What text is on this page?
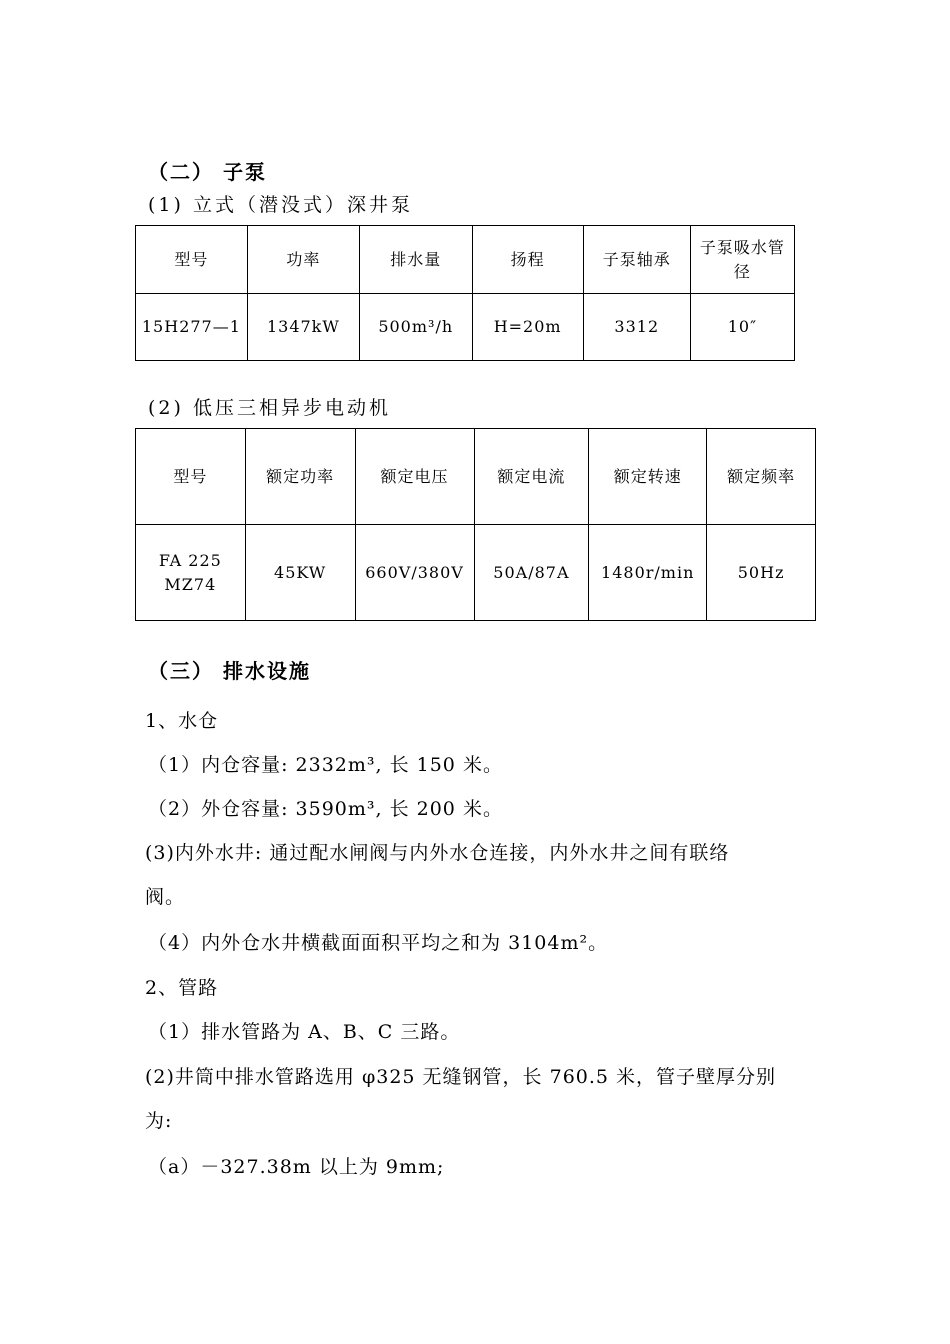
（二） 子泵
(1) 立式（潜没式）深井泵
型号	功率	排水量	扬程	子泵轴承	子泵吸水管径
15H277—1	1347kW	500m³/h	H=20m	3312	10″
(2) 低压三相异步电动机
型号	额定功率	额定电压	额定电流	额定转速	额定频率
FA 225 MZ74	45KW	660V/380V	50A/87A	1480r/min	50Hz
（三） 排水设施
1、水仓
（1）内仓容量: 2332m³, 长 150 米。
（2）外仓容量: 3590m³, 长 200 米。
(3)内外水井: 通过配水闸阀与内外水仓连接，内外水井之间有联络
阀。
（4）内外仓水井横截面面积平均之和为 3104m²。
2、管路
（1）排水管路为 A、B、C 三路。
(2)井筒中排水管路选用 φ325 无缝钢管，长 760.5 米，管子壁厚分别
为:
（a）－327.38m 以上为 9mm;
